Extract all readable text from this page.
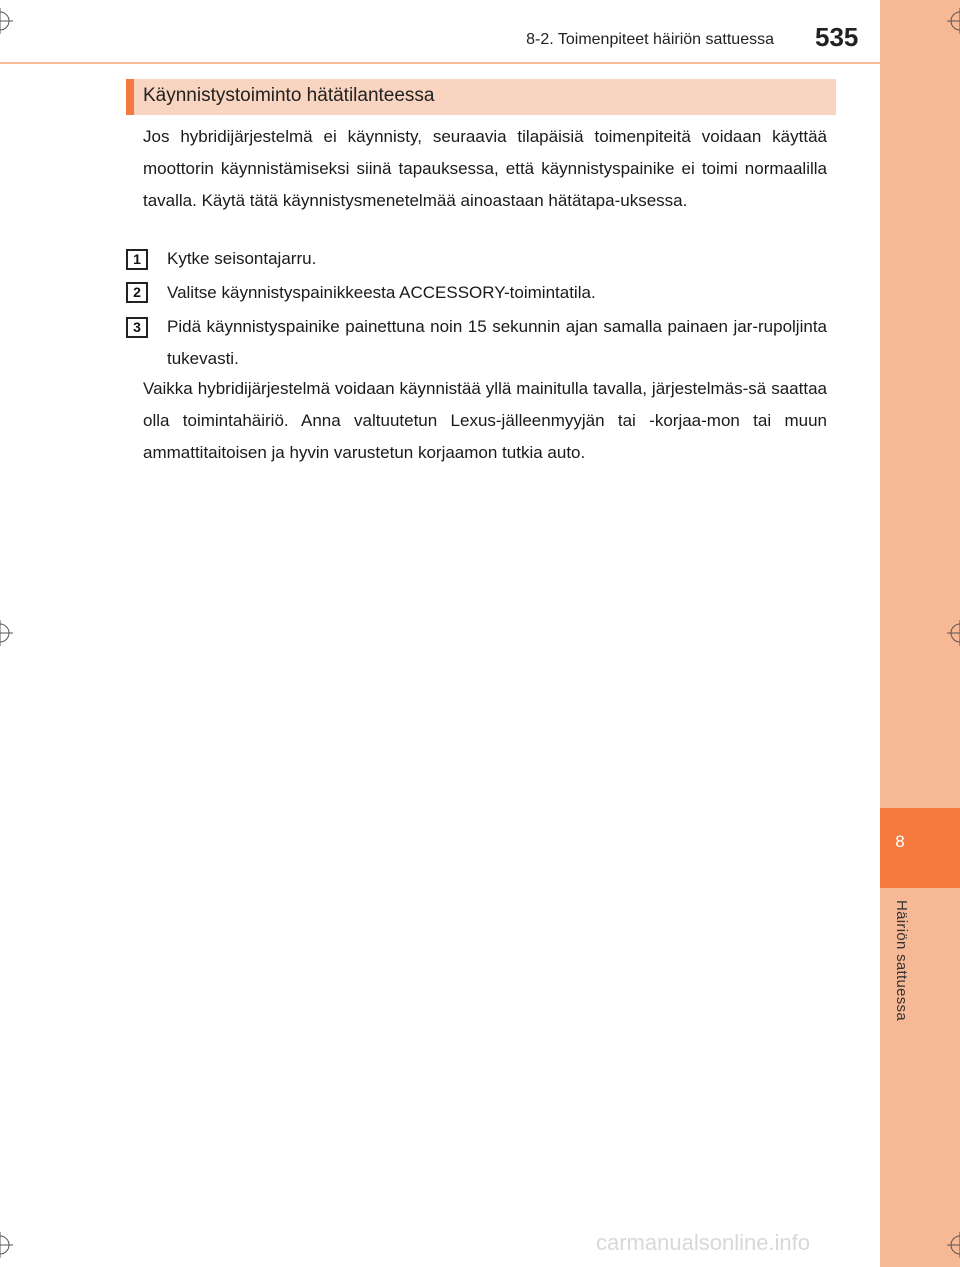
8
Häiriön sattuessa
8-2. Toimenpiteet häiriön sattuessa 535
Käynnistystoiminto hätätilanteessa
Jos hybridijärjestelmä ei käynnisty, seuraavia tilapäisiä toimenpiteitä voidaan käyttää moottorin käynnistämiseksi siinä tapauksessa, että käynnistyspainike ei toimi normaalilla tavalla. Käytä tätä käynnistysmenetelmää ainoastaan hätätapa-uksessa.
1	Kytke seisontajarru.
2	Valitse käynnistyspainikkeesta ACCESSORY-toimintatila.
3	Pidä käynnistyspainike painettuna noin 15 sekunnin ajan samalla painaen jar-rupoljinta tukevasti.
Vaikka hybridijärjestelmä voidaan käynnistää yllä mainitulla tavalla, järjestelmäs-sä saattaa olla toimintahäiriö. Anna valtuutetun Lexus-jälleenmyyjän tai -korjaa-mon tai muun ammattitaitoisen ja hyvin varustetun korjaamon tutkia auto.
carmanualsonline.info
